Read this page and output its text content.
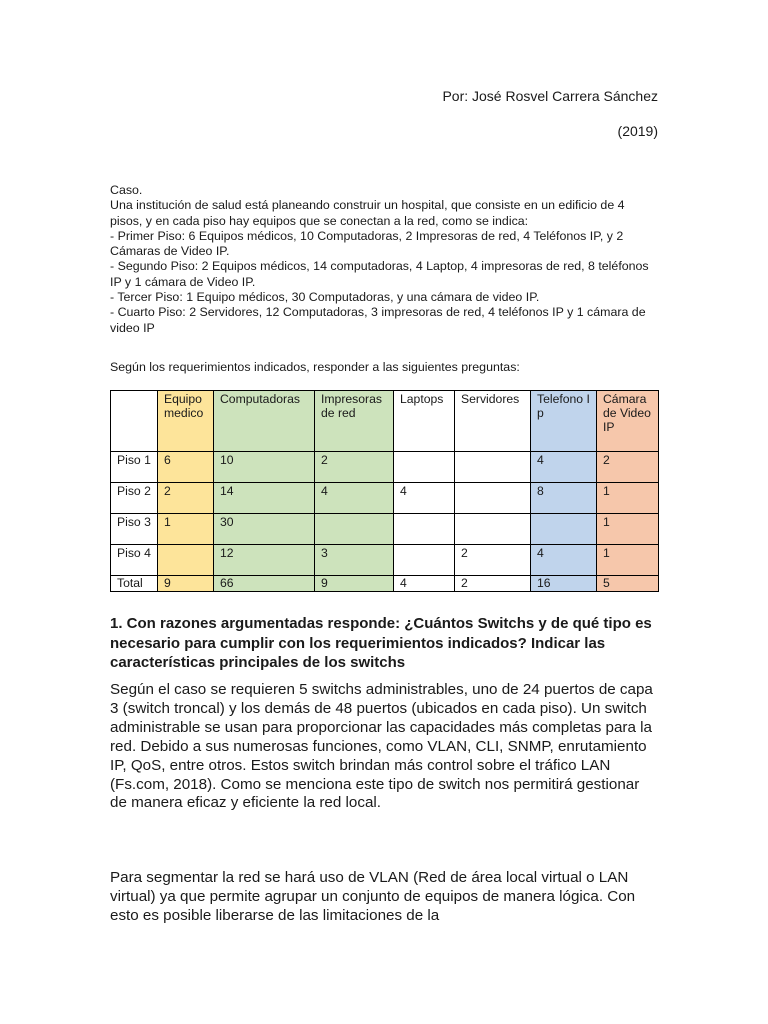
Por: José Rosvel Carrera Sánchez
(2019)
Caso.
Una institución de salud está planeando construir un hospital, que consiste en un edificio de 4 pisos, y en cada piso hay equipos que se conectan a la red, como se indica:
- Primer Piso: 6 Equipos médicos, 10 Computadoras, 2 Impresoras de red, 4 Teléfonos IP, y 2 Cámaras de Video IP.
- Segundo Piso: 2 Equipos médicos, 14 computadoras, 4 Laptop, 4 impresoras de red, 8 teléfonos IP y 1 cámara de Video IP.
- Tercer Piso: 1 Equipo médicos, 30 Computadoras, y una cámara de video IP.
- Cuarto Piso: 2 Servidores, 12 Computadoras, 3 impresoras de red, 4 teléfonos IP y 1 cámara de video IP
Según los requerimientos indicados, responder a las siguientes preguntas:
	Equipo medico	Computadoras	Impresoras de red	Laptops	Servidores	Telefono Ip	Cámara de Video IP
Piso 1	6	10	2			4	2
Piso 2	2	14	4	4		8	1
Piso 3	1	30					1
Piso 4		12	3		2	4	1
Total	9	66	9	4	2	16	5
1. Con razones argumentadas responde: ¿Cuántos Switchs y de qué tipo es necesario para cumplir con los requerimientos indicados? Indicar las características principales de los switchs
Según el caso se requieren 5 switchs administrables, uno de 24 puertos de capa 3 (switch troncal) y los demás de 48 puertos (ubicados en cada piso). Un switch administrable se usan para proporcionar las capacidades más completas para la red. Debido a sus numerosas funciones, como VLAN, CLI, SNMP, enrutamiento IP, QoS, entre otros. Estos switch brindan más control sobre el tráfico LAN (Fs.com, 2018). Como se menciona este tipo de switch nos permitirá gestionar de manera eficaz y eficiente la red local.
Para segmentar la red se hará uso de VLAN (Red de área local virtual o LAN virtual) ya que permite agrupar un conjunto de equipos de manera lógica. Con esto es posible liberarse de las limitaciones de la
